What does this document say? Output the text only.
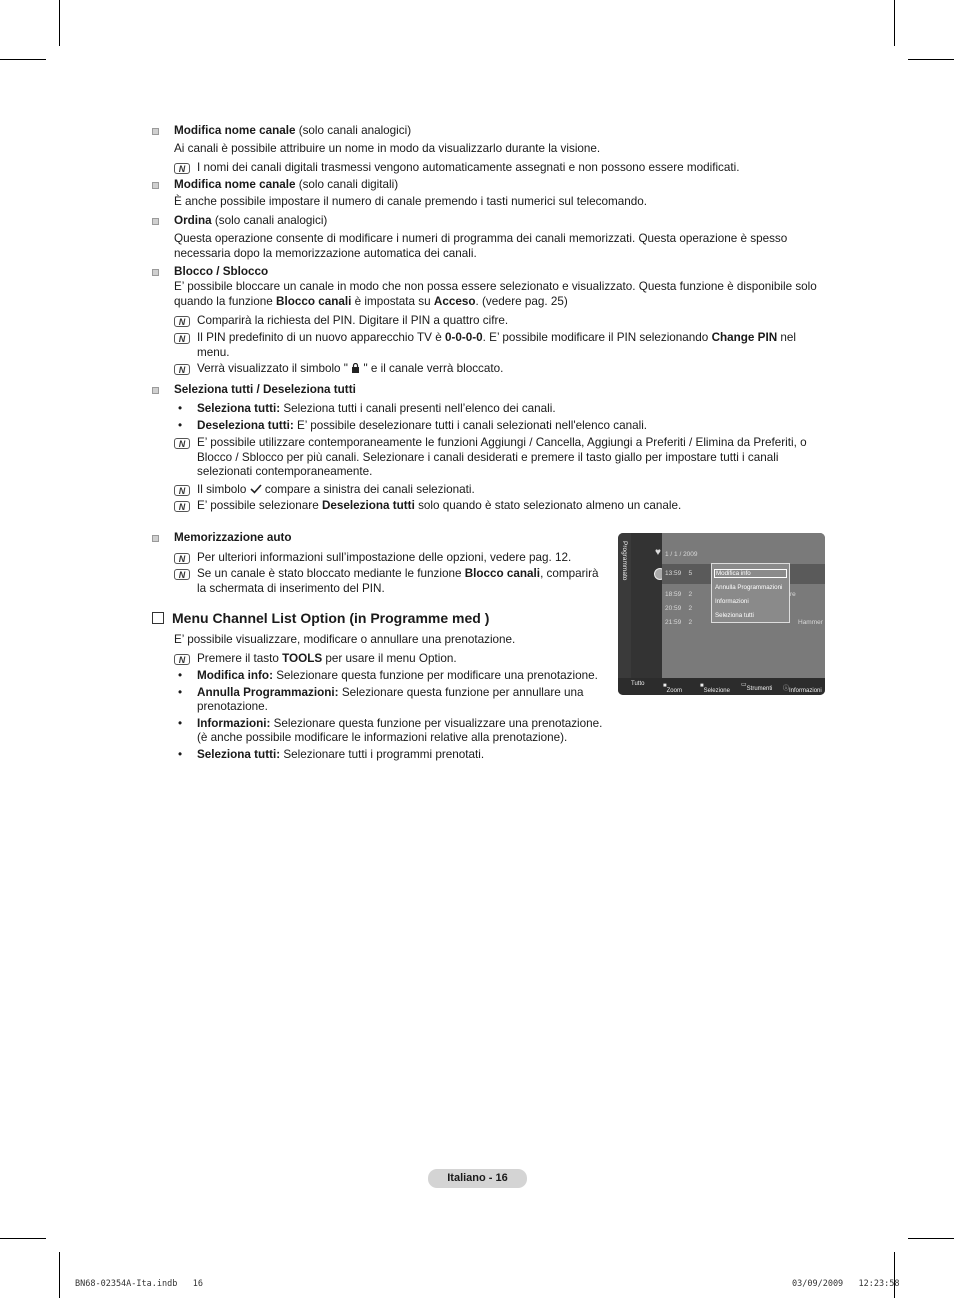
Modifica nome canale (solo canali analogici)
Ai canali è possibile attribuire un nome in modo da visualizzarlo durante la visione.
N	I nomi dei canali digitali trasmessi vengono automaticamente assegnati e non possono essere modificati.
Modifica nome canale (solo canali digitali)
È anche possibile impostare il numero di canale premendo i tasti numerici sul telecomando.
Ordina (solo canali analogici)
Questa operazione consente di modificare i numeri di programma dei canali memorizzati. Questa operazione è spesso necessaria dopo la memorizzazione automatica dei canali.
Blocco / Sblocco
E’ possibile bloccare un canale in modo che non possa essere selezionato e visualizzato. Questa funzione è disponibile solo quando la funzione Blocco canali è impostata su Acceso. (vedere pag. 25)
N	Comparirà la richiesta del PIN. Digitare il PIN a quattro cifre.
N	Il PIN predefinito di un nuovo apparecchio TV è 0-0-0-0. E’ possibile modificare il PIN selezionando Change PIN nel
menu.
N	Verrà visualizzato il simbolo "  " e il canale verrà bloccato.
Seleziona tutti / Deseleziona tutti
• Seleziona tutti: Seleziona tutti i canali presenti nell’elenco dei canali.
• Deseleziona tutti: E’ possibile deselezionare tutti i canali selezionati nell'elenco canali.
N	E’ possibile utilizzare contemporaneamente le funzioni Aggiungi / Cancella, Aggiungi a Preferiti / Elimina da Preferiti, o Blocco / Sblocco per più canali. Selezionare i canali desiderati e premere il tasto giallo per impostare tutti i canali selezionati contemporaneamente.
N	Il simbolo  compare a sinistra dei canali selezionati.
N	E’ possibile selezionare Deseleziona tutti solo quando è stato selezionato almeno un canale.
Memorizzazione auto
N	Per ulteriori informazioni sull’impostazione delle opzioni, vedere pag. 12.
N	Se un canale è stato bloccato mediante le funzione Blocco canali, comparirà
la schermata di inserimento del PIN.
Menu Channel List Option (in Programme med )
E’ possibile visualizzare, modificare o annullare una prenotazione.
N	Premere il tasto TOOLS per usare il menu Option.
• Modifica info: Selezionare questa funzione per modificare una prenotazione.
• Annulla Programmazioni: Selezionare questa funzione per annullare una
prenotazione.
• Informazioni: Selezionare questa funzione per visualizzare una prenotazione.
(è anche possibile modificare le informazioni relative alla prenotazione).
• Seleziona tutti: Selezionare tutti i programmi prenotati.
Programmato	♥ 1 / 1 / 2009
13:59 5
18:59 2	re
20:59 2
21:59 2	Hammer
Modifica info
Annulla Programmazioni
Informazioni
Seleziona tutti
Tutto	■
Zoom
■
Selezione
▭
Strumenti ⓘ Informazioni
Italiano - 16
BN68-02354A-Ita.indb   16	03/09/2009   12:23:58
